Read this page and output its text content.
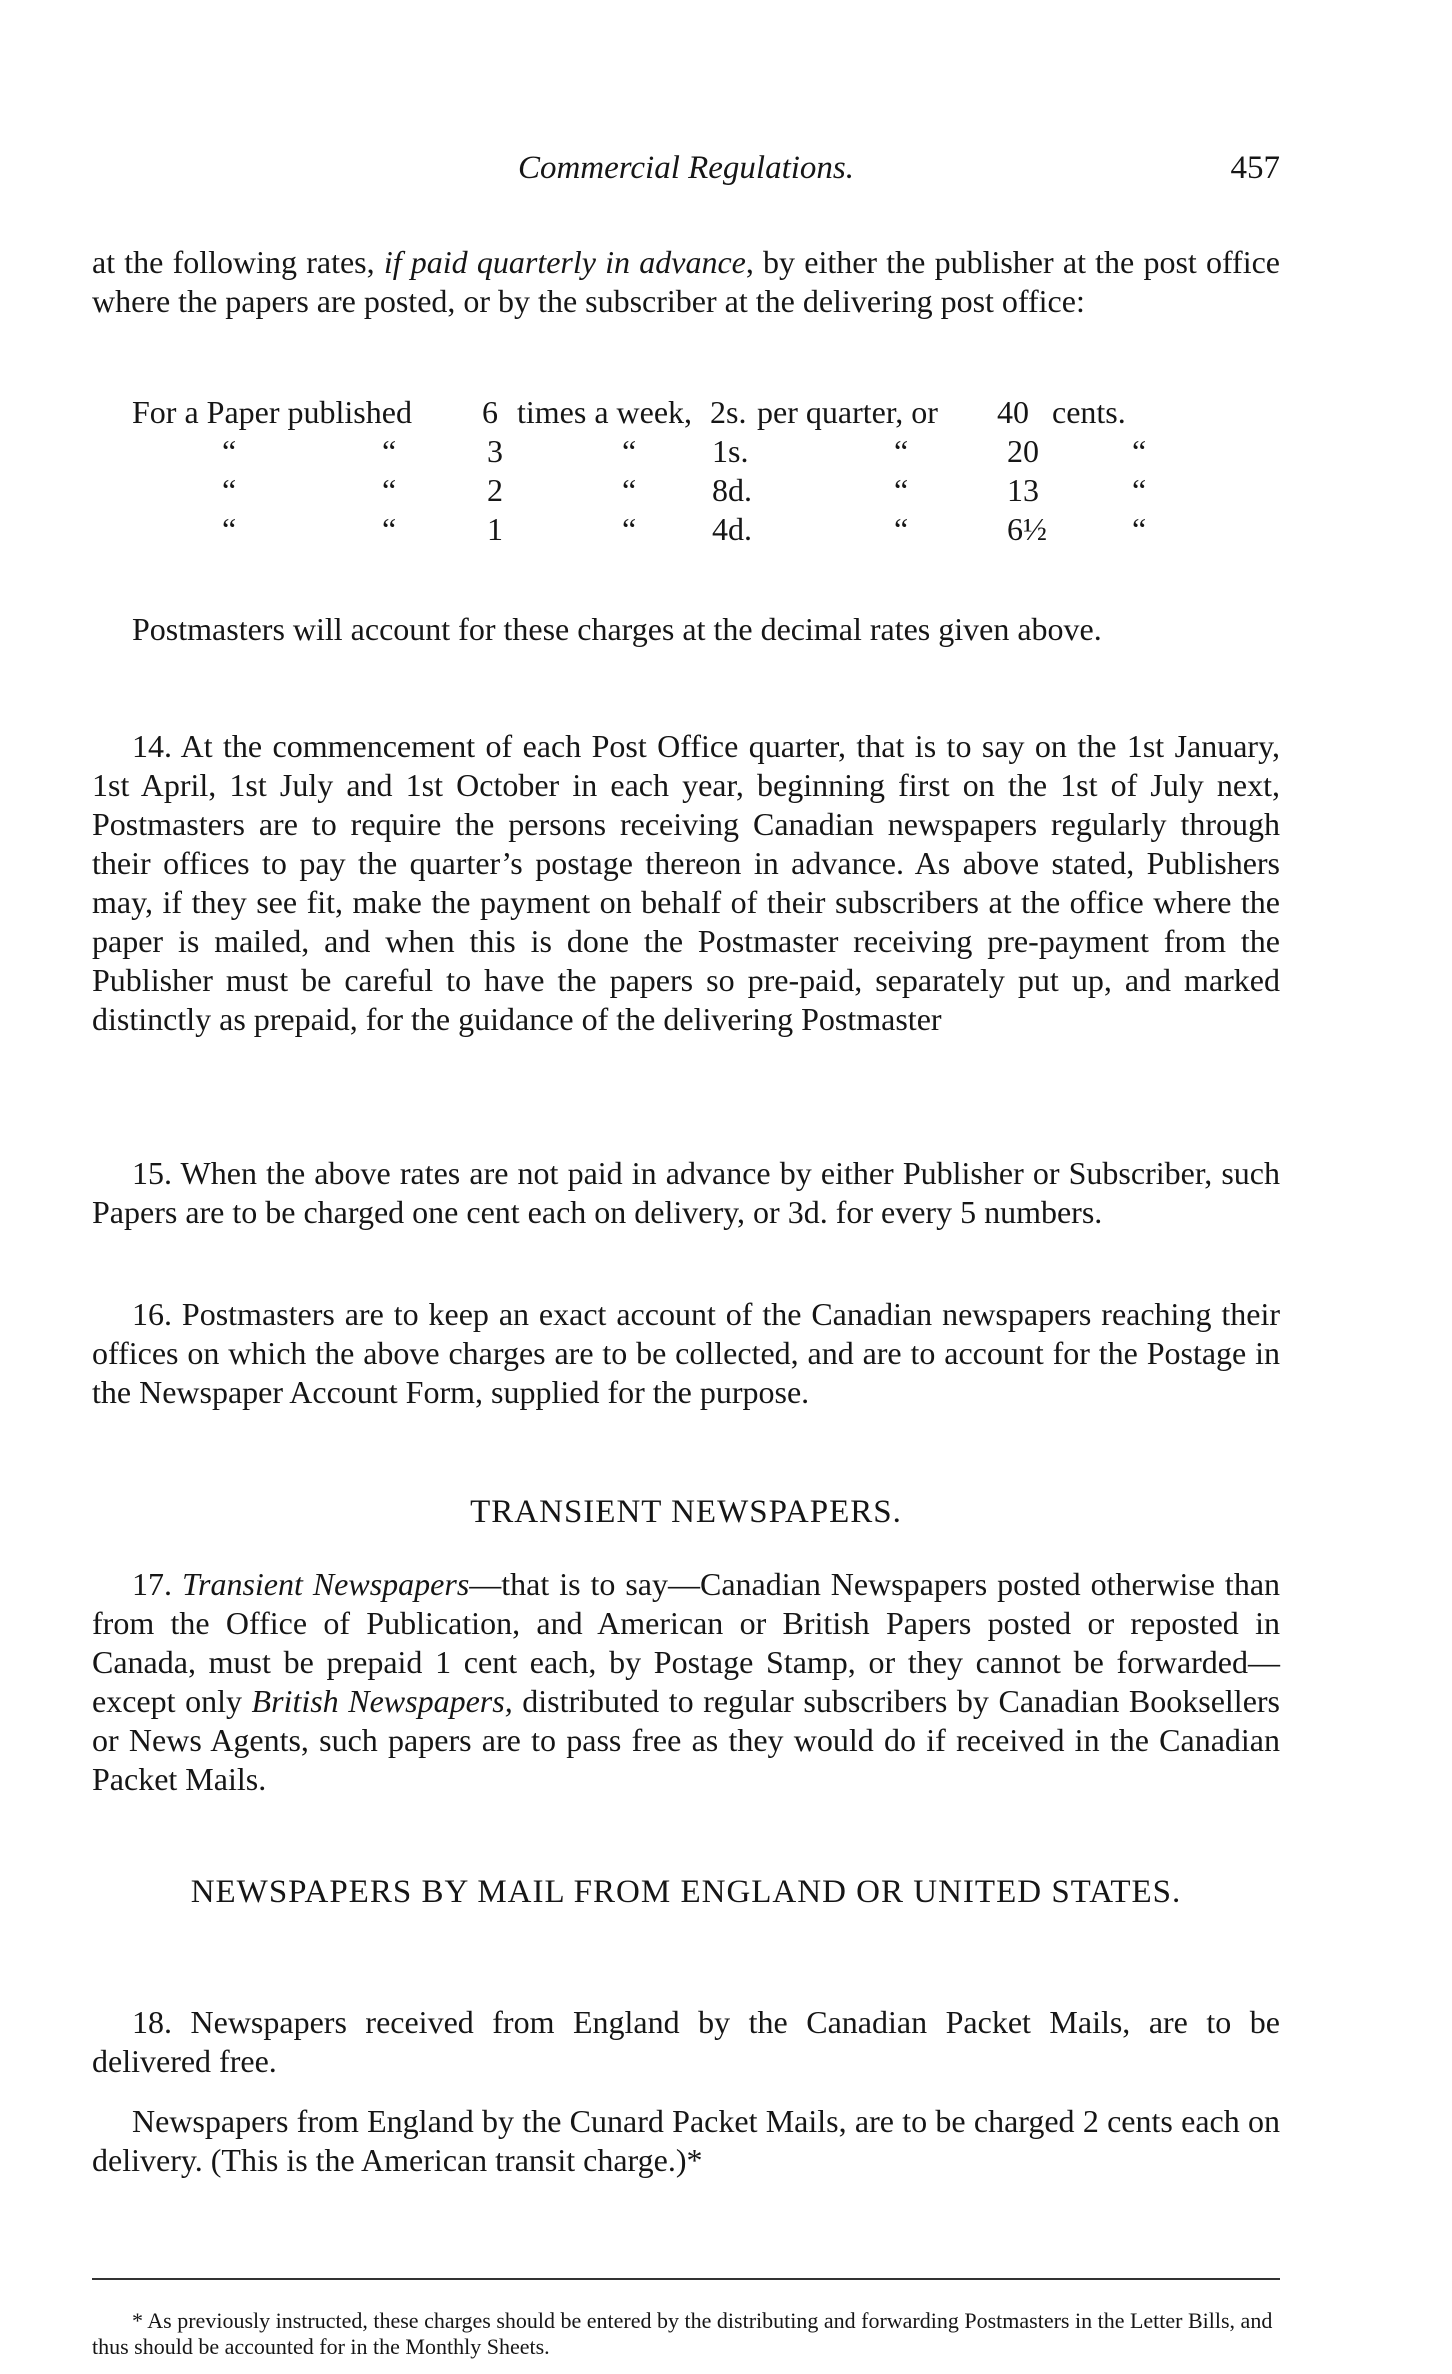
Commercial Regulations.	457

at the following rates, if paid quarterly in advance, by either the publisher at the post office where the papers are posted, or by the subscriber at the delivering post office:

For a Paper published 6 times a week, 2s. per quarter, or 40 cents.
“	“	3	“ 1s.	“	20	“
“	“	2	“ 8d.	“	13	“
“	“	1	“ 4d.	“	6½	“

Postmasters will account for these charges at the decimal rates given above.

14. At the commencement of each Post Office quarter, that is to say on the 1st January, 1st April, 1st July and 1st October in each year, beginning first on the 1st of July next, Postmasters are to require the persons receiving Canadian newspapers regularly through their offices to pay the quarter’s postage thereon in advance. As above stated, Publishers may, if they see fit, make the payment on behalf of their subscribers at the office where the paper is mailed, and when this is done the Postmaster receiving pre-payment from the Publisher must be careful to have the papers so pre-paid, separately put up, and marked distinctly as prepaid, for the guidance of the delivering Postmaster

15. When the above rates are not paid in advance by either Publisher or Subscriber, such Papers are to be charged one cent each on delivery, or 3d. for every 5 numbers.

16. Postmasters are to keep an exact account of the Canadian newspapers reaching their offices on which the above charges are to be collected, and are to account for the Postage in the Newspaper Account Form, supplied for the purpose.

TRANSIENT NEWSPAPERS.

17. Transient Newspapers—that is to say—Canadian Newspapers posted otherwise than from the Office of Publication, and American or British Papers posted or reposted in Canada, must be prepaid 1 cent each, by Postage Stamp, or they cannot be forwarded—except only British Newspapers, distributed to regular subscribers by Canadian Booksellers or News Agents, such papers are to pass free as they would do if received in the Canadian Packet Mails.

NEWSPAPERS BY MAIL FROM ENGLAND OR UNITED STATES.

18. Newspapers received from England by the Canadian Packet Mails, are to be delivered free.

Newspapers from England by the Cunard Packet Mails, are to be charged 2 cents each on delivery. (This is the American transit charge.)*

* As previously instructed, these charges should be entered by the distributing and forwarding Postmasters in the Letter Bills, and thus should be accounted for in the Monthly Sheets.
